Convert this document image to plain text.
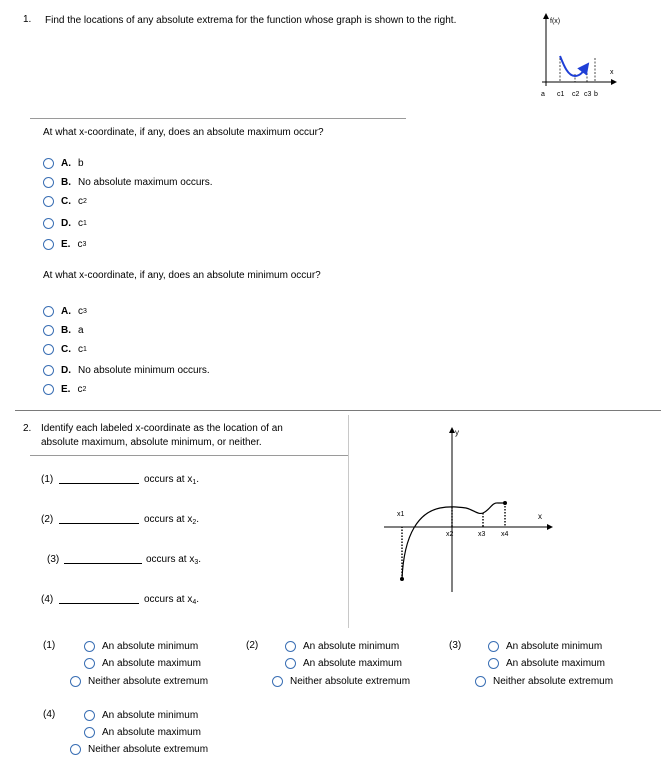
1. Find the locations of any absolute extrema for the function whose graph is shown to the right.	f(x)
x
a c1 c2 c3 b
At what x-coordinate, if any, does an absolute maximum occur?
A. b
B. No absolute maximum occurs.
C. c 2
D. c 1
E. c 3
At what x-coordinate, if any, does an absolute minimum occur?
A. c 3
B. a
C. c 1
D. No absolute minimum occurs.
E. c 2
2. Identify each labeled x-coordinate as the location of an
absolute maximum, absolute minimum, or neither.
(1)	occurs at $x_1$.
(2)	occurs at $x_2$.
(3)	occurs at $x_3$.
(4)	occurs at $x_4$.
y
x
x1
x2	x3 x4
(1)	An absolute minimum
An absolute maximum
Neither absolute extremum
(2)	An absolute minimum
An absolute maximum
Neither absolute extremum
(3)	An absolute minimum
An absolute maximum
Neither absolute extremum
(4)	An absolute minimum
An absolute maximum
Neither absolute extremum
